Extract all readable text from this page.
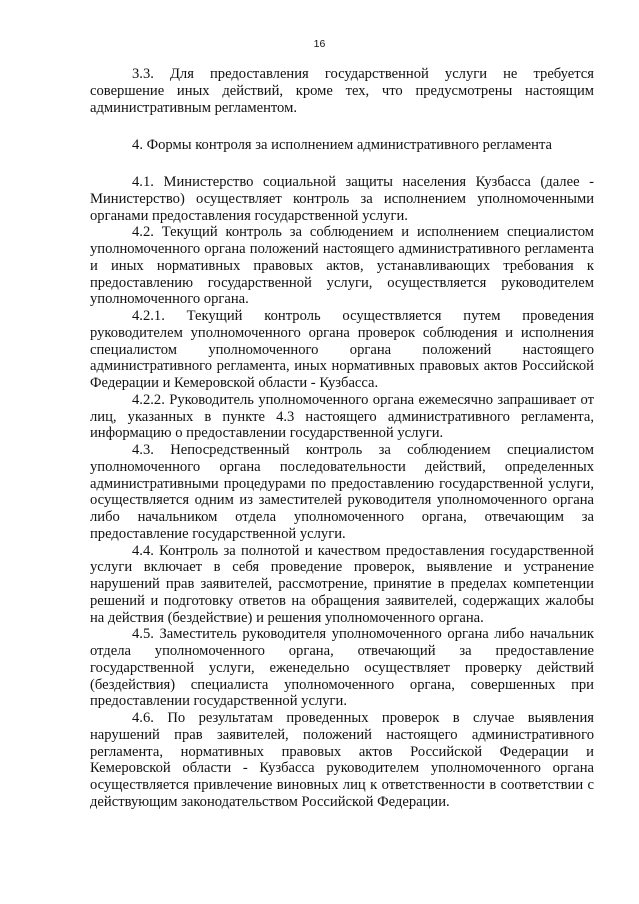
16

3.3. Для предоставления государственной услуги не требуется совершение иных действий, кроме тех, что предусмотрены настоящим административным регламентом.

4. Формы контроля за исполнением административного регламента

4.1. Министерство социальной защиты населения Кузбасса (далее - Министерство) осуществляет контроль за исполнением уполномоченными органами предоставления государственной услуги.

4.2. Текущий контроль за соблюдением и исполнением специалистом уполномоченного органа положений настоящего административного регламента и иных нормативных правовых актов, устанавливающих требования к предоставлению государственной услуги, осуществляется руководителем уполномоченного органа.

4.2.1. Текущий контроль осуществляется путем проведения руководителем уполномоченного органа проверок соблюдения и исполнения специалистом уполномоченного органа положений настоящего административного регламента, иных нормативных правовых актов Российской Федерации и Кемеровской области - Кузбасса.

4.2.2. Руководитель уполномоченного органа ежемесячно запрашивает от лиц, указанных в пункте 4.3 настоящего административного регламента, информацию о предоставлении государственной услуги.

4.3. Непосредственный контроль за соблюдением специалистом уполномоченного органа последовательности действий, определенных административными процедурами по предоставлению государственной услуги, осуществляется одним из заместителей руководителя уполномоченного органа либо начальником отдела уполномоченного органа, отвечающим за предоставление государственной услуги.

4.4. Контроль за полнотой и качеством предоставления государственной услуги включает в себя проведение проверок, выявление и устранение нарушений прав заявителей, рассмотрение, принятие в пределах компетенции решений и подготовку ответов на обращения заявителей, содержащих жалобы на действия (бездействие) и решения уполномоченного органа.

4.5. Заместитель руководителя уполномоченного органа либо начальник отдела уполномоченного органа, отвечающий за предоставление государственной услуги, еженедельно осуществляет проверку действий (бездействия) специалиста уполномоченного органа, совершенных при предоставлении государственной услуги.

4.6. По результатам проведенных проверок в случае выявления нарушений прав заявителей, положений настоящего административного регламента, нормативных правовых актов Российской Федерации и Кемеровской области - Кузбасса руководителем уполномоченного органа осуществляется привлечение виновных лиц к ответственности в соответствии с действующим законодательством Российской Федерации.
